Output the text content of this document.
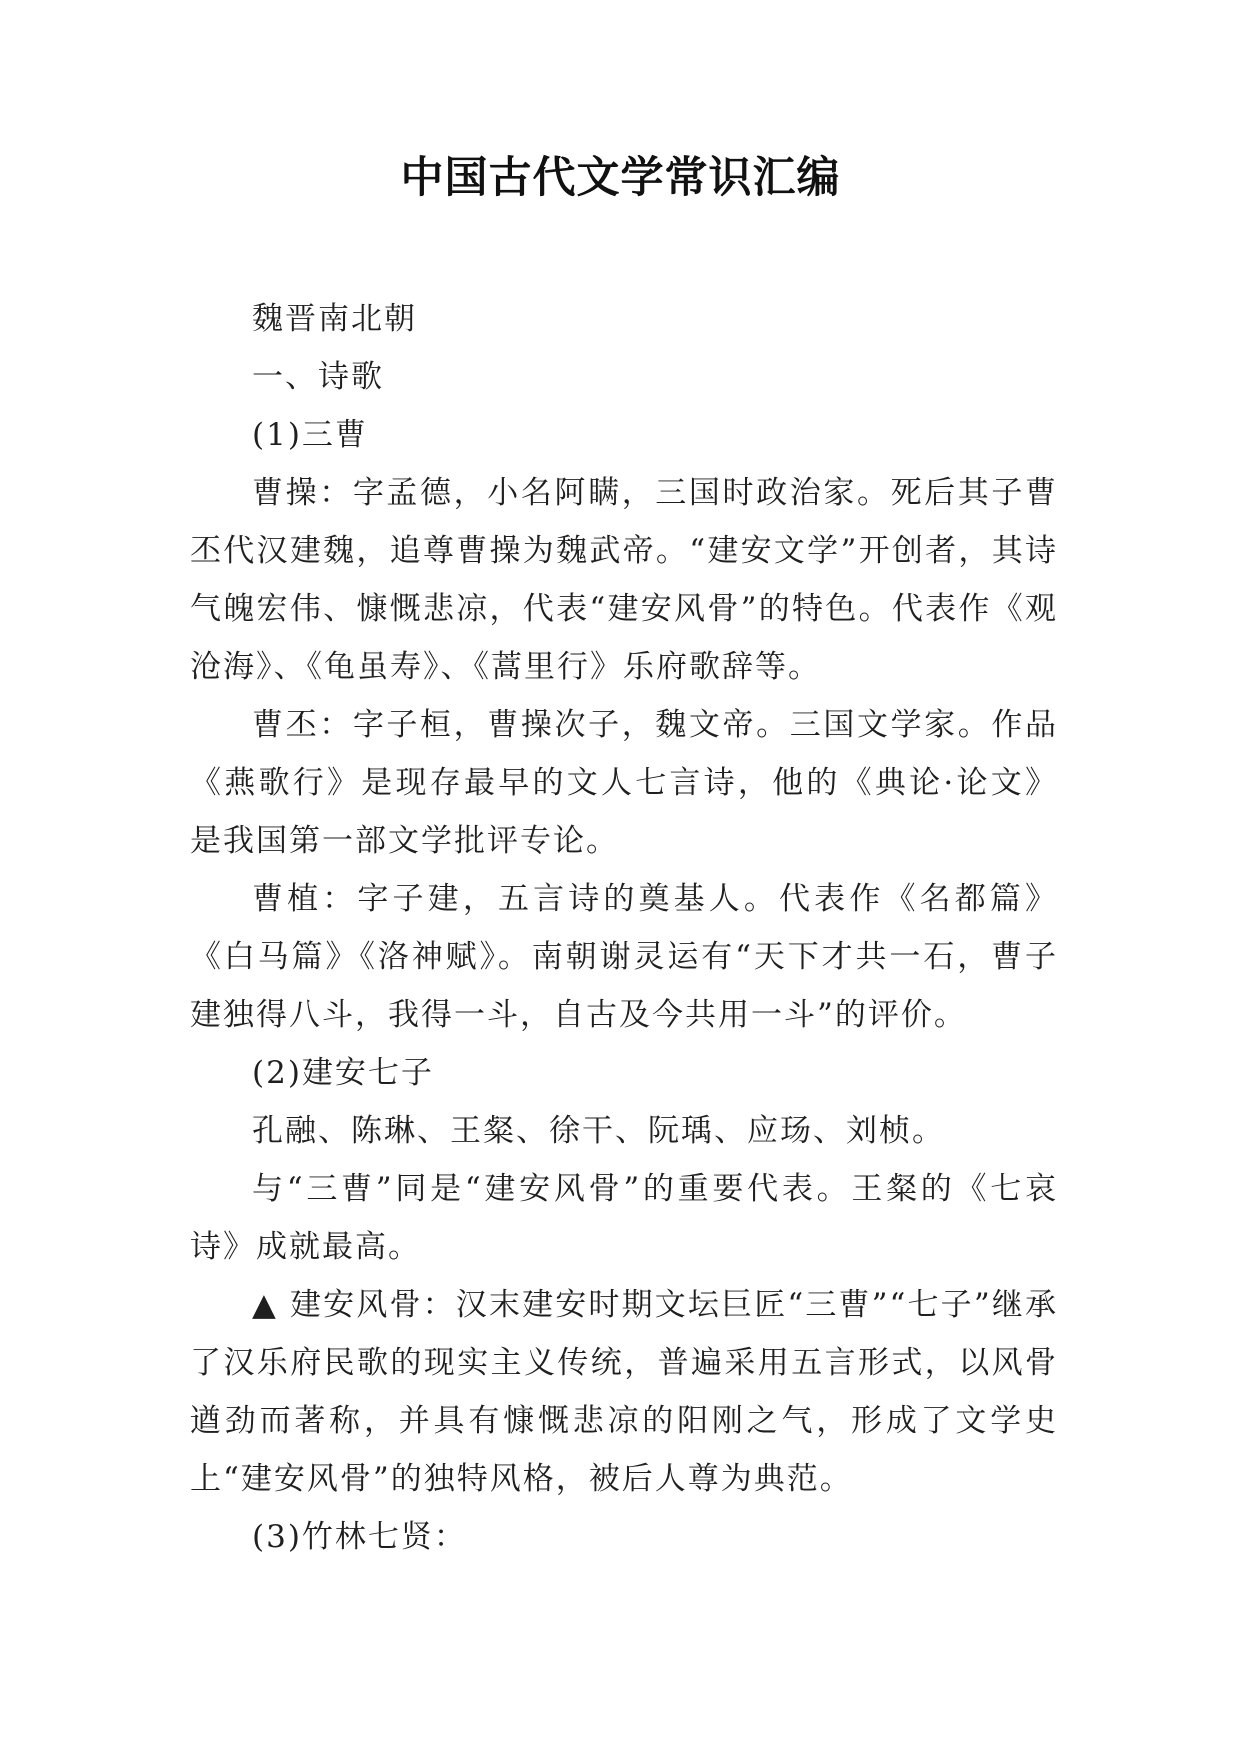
中国古代文学常识汇编

魏晋南北朝

一、诗歌

(1)三曹

曹操：字孟德，小名阿瞒，三国时政治家。死后其子曹丕代汉建魏，追尊曹操为魏武帝。“建安文学”开创者，其诗气魄宏伟、慷慨悲凉，代表“建安风骨”的特色。代表作《观沧海》、《龟虽寿》、《蒿里行》乐府歌辞等。

曹丕：字子桓，曹操次子，魏文帝。三国文学家。作品《燕歌行》是现存最早的文人七言诗，他的《典论·论文》是我国第一部文学批评专论。

曹植：字子建，五言诗的奠基人。代表作《名都篇》《白马篇》《洛神赋》。南朝谢灵运有“天下才共一石，曹子建独得八斗，我得一斗，自古及今共用一斗”的评价。

(2)建安七子

孔融、陈琳、王粲、徐干、阮瑀、应玚、刘桢。

与“三曹”同是“建安风骨”的重要代表。王粲的《七哀诗》成就最高。

▲ 建安风骨：汉末建安时期文坛巨匠“三曹”“七子”继承了汉乐府民歌的现实主义传统，普遍采用五言形式，以风骨遒劲而著称，并具有慷慨悲凉的阳刚之气，形成了文学史上“建安风骨”的独特风格，被后人尊为典范。

(3)竹林七贤：
